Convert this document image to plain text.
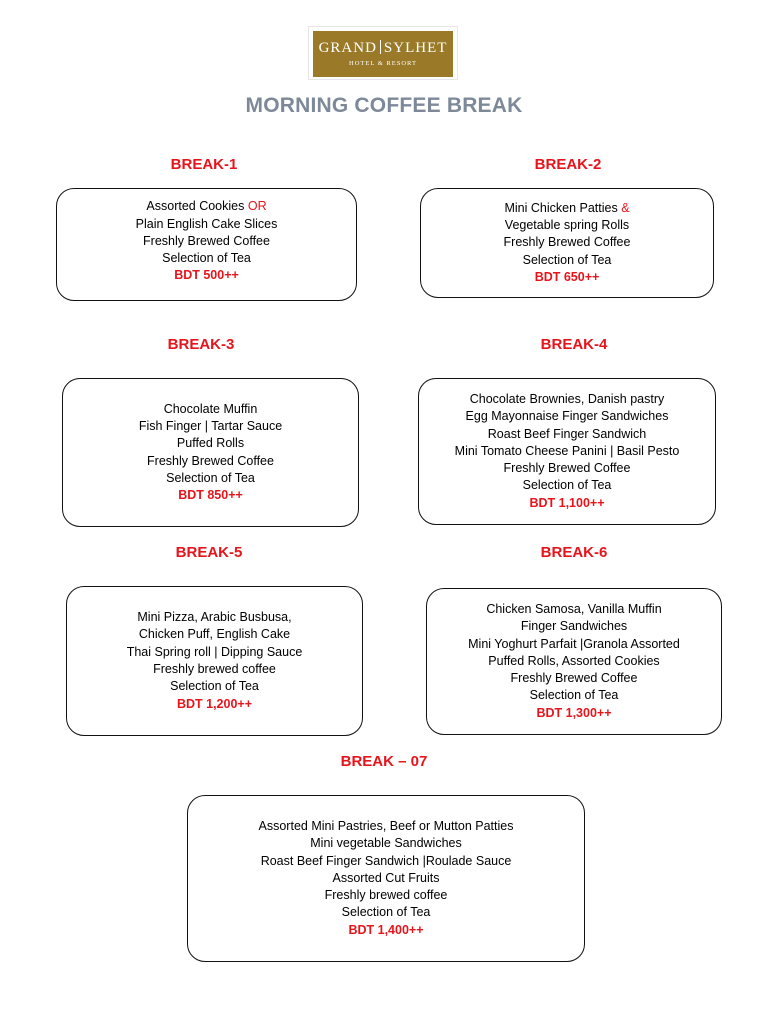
GRAND SYLHET
HOTEL & RESORT
MORNING COFFEE BREAK
BREAK-1
Assorted Cookies OR
Plain English Cake Slices
Freshly Brewed Coffee
Selection of Tea
BDT 500++
BREAK-2
Mini Chicken Patties &
Vegetable spring Rolls
Freshly Brewed Coffee
Selection of Tea
BDT 650++
BREAK-3
Chocolate Muffin
Fish Finger | Tartar Sauce
Puffed Rolls
Freshly Brewed Coffee
Selection of Tea
BDT 850++
BREAK-4
Chocolate Brownies, Danish pastry
Egg Mayonnaise Finger Sandwiches
Roast Beef Finger Sandwich
Mini Tomato Cheese Panini | Basil Pesto
Freshly Brewed Coffee
Selection of Tea
BDT 1,100++
BREAK-5
Mini Pizza, Arabic Busbusa,
Chicken Puff, English Cake
Thai Spring roll | Dipping Sauce
Freshly brewed coffee
Selection of Tea
BDT 1,200++
BREAK-6
Chicken Samosa, Vanilla Muffin
Finger Sandwiches
Mini Yoghurt Parfait |Granola Assorted
Puffed Rolls, Assorted Cookies
Freshly Brewed Coffee
Selection of Tea
BDT 1,300++
BREAK – 07
Assorted Mini Pastries, Beef or Mutton Patties
Mini vegetable Sandwiches
Roast Beef Finger Sandwich |Roulade Sauce
Assorted Cut Fruits
Freshly brewed coffee
Selection of Tea
BDT 1,400++
